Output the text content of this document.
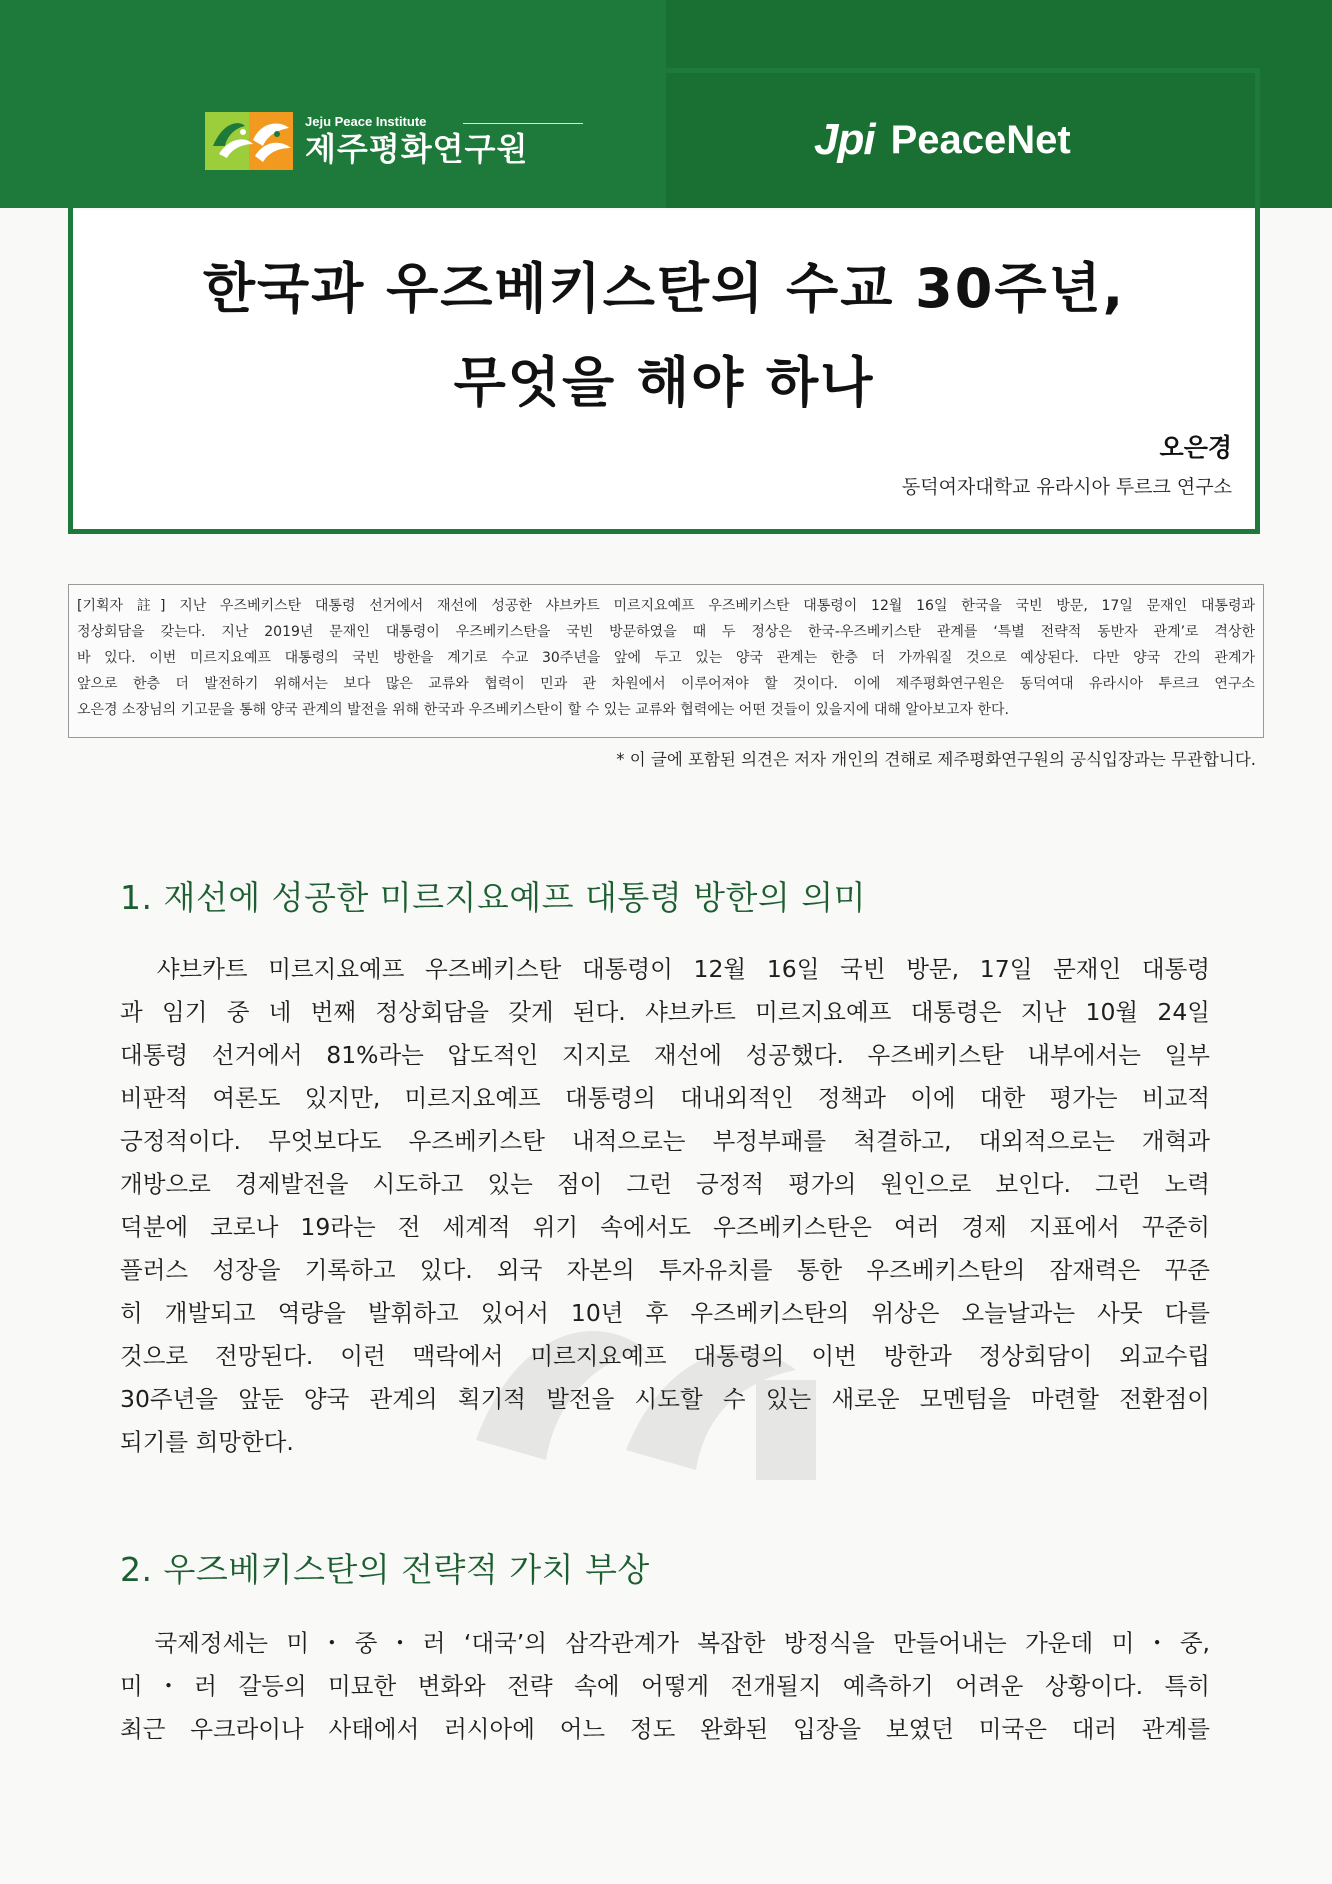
Jeju Peace Institute
제주평화연구원	Jpi PeaceNet
한국과 우즈베키스탄의 수교 30주년,
무엇을 해야 하나
오은경
동덕여자대학교 유라시아 투르크 연구소
[기획자 註] 지난 우즈베키스탄 대통령 선거에서 재선에 성공한 샤브카트 미르지요예프 우즈베키스탄 대통령이 12월 16일 한국을 국빈 방문, 17일 문재인 대통령과
정상회담을 갖는다. 지난 2019년 문재인 대통령이 우즈베키스탄을 국빈 방문하였을 때 두 정상은 한국-우즈베키스탄 관계를 ‘특별 전략적 동반자 관계’로 격상한
바 있다. 이번 미르지요예프 대통령의 국빈 방한을 계기로 수교 30주년을 앞에 두고 있는 양국 관계는 한층 더 가까워질 것으로 예상된다. 다만 양국 간의 관계가
앞으로 한층 더 발전하기 위해서는 보다 많은 교류와 협력이 민과 관 차원에서 이루어져야 할 것이다. 이에 제주평화연구원은 동덕여대 유라시아 투르크 연구소
오은경 소장님의 기고문을 통해 양국 관계의 발전을 위해 한국과 우즈베키스탄이 할 수 있는 교류와 협력에는 어떤 것들이 있을지에 대해 알아보고자 한다.
* 이 글에 포함된 의견은 저자 개인의 견해로 제주평화연구원의 공식입장과는 무관합니다.
1. 재선에 성공한 미르지요예프 대통령 방한의 의미
　샤브카트 미르지요예프 우즈베키스탄 대통령이 12월 16일 국빈 방문, 17일 문재인 대통령
과 임기 중 네 번째 정상회담을 갖게 된다. 샤브카트 미르지요예프 대통령은 지난 10월 24일
대통령 선거에서 81%라는 압도적인 지지로 재선에 성공했다. 우즈베키스탄 내부에서는 일부
비판적 여론도 있지만, 미르지요예프 대통령의 대내외적인 정책과 이에 대한 평가는 비교적
긍정적이다. 무엇보다도 우즈베키스탄 내적으로는 부정부패를 척결하고, 대외적으로는 개혁과
개방으로 경제발전을 시도하고 있는 점이 그런 긍정적 평가의 원인으로 보인다. 그런 노력
덕분에 코로나 19라는 전 세계적 위기 속에서도 우즈베키스탄은 여러 경제 지표에서 꾸준히
플러스 성장을 기록하고 있다. 외국 자본의 투자유치를 통한 우즈베키스탄의 잠재력은 꾸준
히 개발되고 역량을 발휘하고 있어서 10년 후 우즈베키스탄의 위상은 오늘날과는 사뭇 다를
것으로 전망된다. 이런 맥락에서 미르지요예프 대통령의 이번 방한과 정상회담이 외교수립
30주년을 앞둔 양국 관계의 획기적 발전을 시도할 수 있는 새로운 모멘텀을 마련할 전환점이
되기를 희망한다.
2. 우즈베키스탄의 전략적 가치 부상
　국제정세는 미・중・러 ‘대국’의 삼각관계가 복잡한 방정식을 만들어내는 가운데 미・중,
미・러 갈등의 미묘한 변화와 전략 속에 어떻게 전개될지 예측하기 어려운 상황이다. 특히
최근 우크라이나 사태에서 러시아에 어느 정도 완화된 입장을 보였던 미국은 대러 관계를
